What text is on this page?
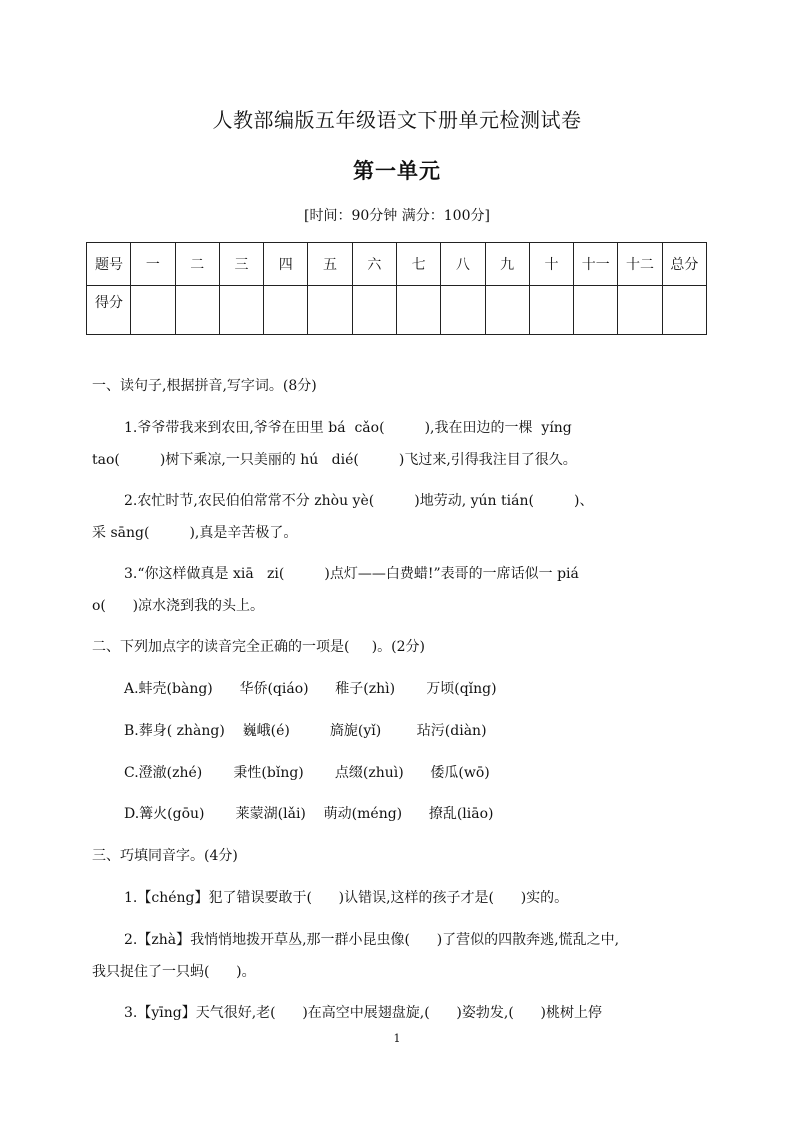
人教部编版五年级语文下册单元检测试卷
第一单元
[时间：90分钟 满分：100分]
题号	一	二	三	四	五	六	七	八	九	十	十一	十二	总分
得分													
一、读句子,根据拼音,写字词。(8分)
1.爷爷带我来到农田,爷爷在田里 bá  cǎo(         ),我在田边的一棵  yíng
tao(         )树下乘凉,一只美丽的 hú   dié(         )飞过来,引得我注目了很久。
2.农忙时节,农民伯伯常常不分 zhòu yè(         )地劳动, yún tián(         )、
采 sāng(         ),真是辛苦极了。
3.“你这样做真是 xiā   zi(         )点灯——白费蜡!”表哥的一席话似一 piá
o(      )凉水浇到我的头上。
二、下列加点字的读音完全正确的一项是(     )。(2分)
A.蚌壳(bàng)      华侨(qiáo)      稚子(zhì)       万顷(qǐng)
B.葬身( zhàng)    巍峨(é)         旖旎(yǐ)        玷污(diàn)
C.澄澈(zhé)       秉性(bǐng)       点缀(zhuì)      倭瓜(wō)
D.篝火(gōu)       莱蒙湖(lǎi)    萌动(méng)      撩乱(liāo)
三、巧填同音字。(4分)
1.【chéng】犯了错误要敢于(      )认错误,这样的孩子才是(      )实的。
2.【zhà】我悄悄地拨开草丛,那一群小昆虫像(      )了营似的四散奔逃,慌乱之中,
我只捉住了一只蚂(      )。
3.【yīng】天气很好,老(      )在高空中展翅盘旋,(      )姿勃发,(      )桃树上停
1
